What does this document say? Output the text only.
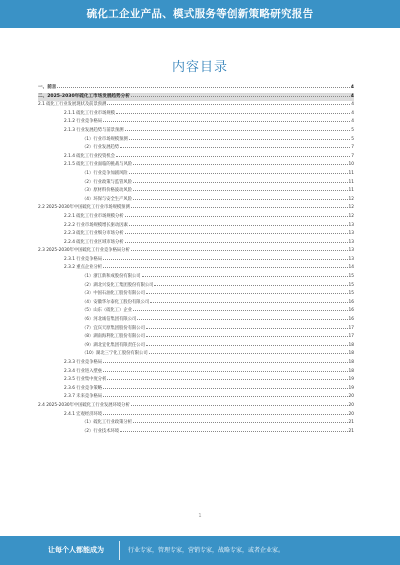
硫化工企业产品、模式服务等创新策略研究报告
内容目录
一、前言	4
二、2025-2030年硫化工市场发展趋势分析	4
2.1 硫化工行业发展现状及前景预测	4
2.1.1 硫化工行业市场规模	4
2.1.2 行业竞争格局	4
2.1.3 行业发展趋势与前景预测	5
（1）行业市场规模预测	5
（2）行业发展趋势	7
2.1.4 硫化工行业投资机会	7
2.1.5 硫化工行业面临的挑战与风险	10
（1）行业竞争加剧风险	11
（2）行业政策与监管风险	11
（3）原材料价格波动风险	11
（4）环保与安全生产风险	12
2.2 2025-2030年中国硫化工行业市场规模预测	12
2.2.1 硫化工行业市场规模分析	12
2.2.2 行业市场规模增长驱动因素	13
2.2.3 硫化工行业细分市场分析	13
2.2.4 硫化工行业区域市场分析	13
2.3 2025-2030年中国硫化工行业竞争格局分析	13
2.3.1 行业竞争格局	13
2.3.2 重点企业分析	14
（1）浙江新和成股份有限公司	15
（2）湖北兴发化工集团股份有限公司	15
（3）中国石油化工股份有限公司	15
（4）安徽华尔泰化工股份有限公司	16
（5）山东（硫化工）企业	16
（6）河北诚信集团有限公司	16
（7）宜宾天原集团股份有限公司	17
（8）湖南海利化工股份有限公司	17
（9）湖北宜化集团有限责任公司	18
（10）湖北三宁化工股份有限公司	18
2.3.3 行业竞争格局	18
2.3.4 行业进入壁垒	18
2.3.5 行业集中度分析	19
2.3.6 行业竞争策略	19
2.3.7 未来竞争格局	20
2.4 2025-2030年中国硫化工行业发展环境分析	20
2.4.1 宏观经济环境	20
（1）硫化工行业政策分析	21
（2）行业技术环境	21
1
让每个人都能成为	行业专家，管理专家，营销专家，战略专家，或者企业家。
